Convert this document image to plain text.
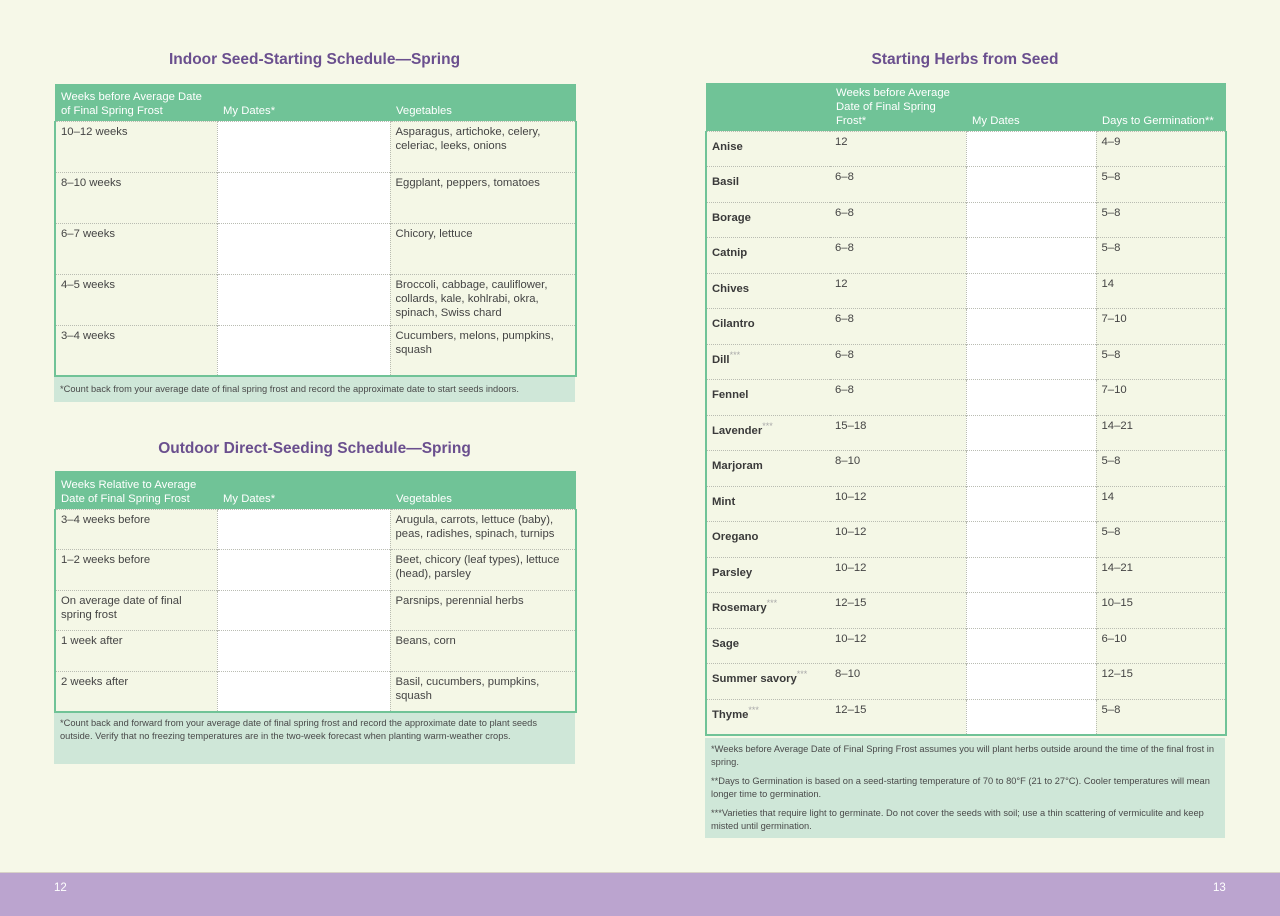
Indoor Seed-Starting Schedule—Spring
Weeks before Average Date of Final Spring Frost	My Dates*	Vegetables
10–12 weeks		Asparagus, artichoke, celery, celeriac, leeks, onions
8–10 weeks		Eggplant, peppers, tomatoes
6–7 weeks		Chicory, lettuce
4–5 weeks		Broccoli, cabbage, cauliflower, collards, kale, kohlrabi, okra, spinach, Swiss chard
3–4 weeks		Cucumbers, melons, pumpkins, squash
*Count back from your average date of final spring frost and record the approximate date to start seeds indoors.
Outdoor Direct-Seeding Schedule—Spring
Weeks Relative to Average Date of Final Spring Frost	My Dates*	Vegetables
3–4 weeks before		Arugula, carrots, lettuce (baby), peas, radishes, spinach, turnips
1–2 weeks before		Beet, chicory (leaf types), lettuce (head), parsley
On average date of final spring frost		Parsnips, perennial herbs
1 week after		Beans, corn
2 weeks after		Basil, cucumbers, pumpkins, squash
*Count back and forward from your average date of final spring frost and record the approximate date to plant seeds outside. Verify that no freezing temperatures are in the two-week forecast when planting warm-weather crops.
Starting Herbs from Seed
	Weeks before Average Date of Final Spring Frost*	My Dates	Days to Germination**
Anise	12		4–9
Basil	6–8		5–8
Borage	6–8		5–8
Catnip	6–8		5–8
Chives	12		14
Cilantro	6–8		7–10
Dill***	6–8		5–8
Fennel	6–8		7–10
Lavender***	15–18		14–21
Marjoram	8–10		5–8
Mint	10–12		14
Oregano	10–12		5–8
Parsley	10–12		14–21
Rosemary***	12–15		10–15
Sage	10–12		6–10
Summer savory***	8–10		12–15
Thyme***	12–15		5–8

*Weeks before Average Date of Final Spring Frost assumes you will plant herbs outside around the time of the final frost in spring.

**Days to Germination is based on a seed-starting temperature of 70 to 80°F (21 to 27°C). Cooler temperatures will mean longer time to germination.

***Varieties that require light to germinate. Do not cover the seeds with soil; use a thin scattering of vermiculite and keep misted until germination.

12	13
